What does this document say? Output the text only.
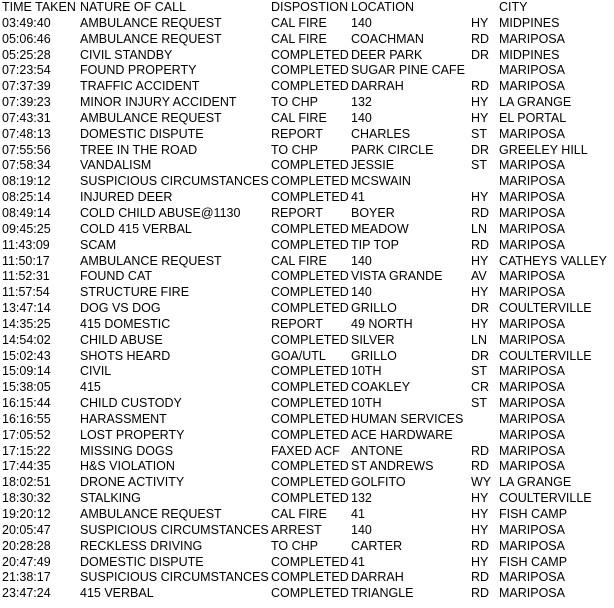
TIME TAKEN NATURE OF CALL	DISPOSTION LOCATION	CITY
03:49:40 AMBULANCE REQUEST	CAL FIRE 140	HY MIDPINES
05:06:46 AMBULANCE REQUEST	CAL FIRE COACHMAN	RD MARIPOSA
05:25:28 CIVIL STANDBY	COMPLETED DEER PARK	DR MIDPINES
07:23:54 FOUND PROPERTY	COMPLETED SUGAR PINE CAFE	MARIPOSA
07:37:39 TRAFFIC ACCIDENT	COMPLETED DARRAH	RD MARIPOSA
07:39:23 MINOR INJURY ACCIDENT	TO CHP	132	HY LA GRANGE
07:43:31 AMBULANCE REQUEST	CAL FIRE 140	HY EL PORTAL
07:48:13 DOMESTIC DISPUTE	REPORT CHARLES	ST MARIPOSA
07:55:56 TREE IN THE ROAD	TO CHP	PARK CIRCLE	DR GREELEY HILL
07:58:34 VANDALISM	COMPLETED JESSIE	ST MARIPOSA
08:19:12 SUSPICIOUS CIRCUMSTANCES COMPLETED MCSWAIN	MARIPOSA
08:25:14 INJURED DEER	COMPLETED 41	HY MARIPOSA
08:49:14 COLD CHILD ABUSE@1130 REPORT BOYER	RD MARIPOSA
09:45:25 COLD 415 VERBAL	COMPLETED MEADOW	LN MARIPOSA
11:43:09 SCAM	COMPLETED TIP TOP	RD MARIPOSA
11:50:17 AMBULANCE REQUEST	CAL FIRE 140	HY CATHEYS VALLEY
11:52:31 FOUND CAT	COMPLETED VISTA GRANDE AV MARIPOSA
11:57:54 STRUCTURE FIRE	COMPLETED 140	HY MARIPOSA
13:47:14 DOG VS DOG	COMPLETED GRILLO	DR COULTERVILLE
14:35:25 415 DOMESTIC	REPORT 49 NORTH	HY MARIPOSA
14:54:02 CHILD ABUSE	COMPLETED SILVER	LN MARIPOSA
15:02:43 SHOTS HEARD	GOA/UTL GRILLO	DR COULTERVILLE
15:09:14 CIVIL	COMPLETED 10TH	ST MARIPOSA
15:38:05 415	COMPLETED COAKLEY	CR MARIPOSA
16:15:44 CHILD CUSTODY	COMPLETED 10TH	ST MARIPOSA
16:16:55 HARASSMENT	COMPLETED HUMAN SERVICES	MARIPOSA
17:05:52 LOST PROPERTY	COMPLETED ACE HARDWARE	MARIPOSA
17:15:22 MISSING DOGS	FAXED ACF ANTONE	RD MARIPOSA
17:44:35 H&S VIOLATION	COMPLETED ST ANDREWS	RD MARIPOSA
18:02:51 DRONE ACTIVITY	COMPLETED GOLFITO	WY LA GRANGE
18:30:32 STALKING	COMPLETED 132	HY COULTERVILLE
19:20:12 AMBULANCE REQUEST	CAL FIRE 41	HY FISH CAMP
20:05:47 SUSPICIOUS CIRCUMSTANCES ARREST 140	HY MARIPOSA
20:28:28 RECKLESS DRIVING	TO CHP	CARTER	RD MARIPOSA
20:47:49 DOMESTIC DISPUTE	COMPLETED 41	HY FISH CAMP
21:38:17 SUSPICIOUS CIRCUMSTANCES COMPLETED DARRAH	RD MARIPOSA
23:47:24 415 VERBAL	COMPLETED TRIANGLE	RD MARIPOSA
